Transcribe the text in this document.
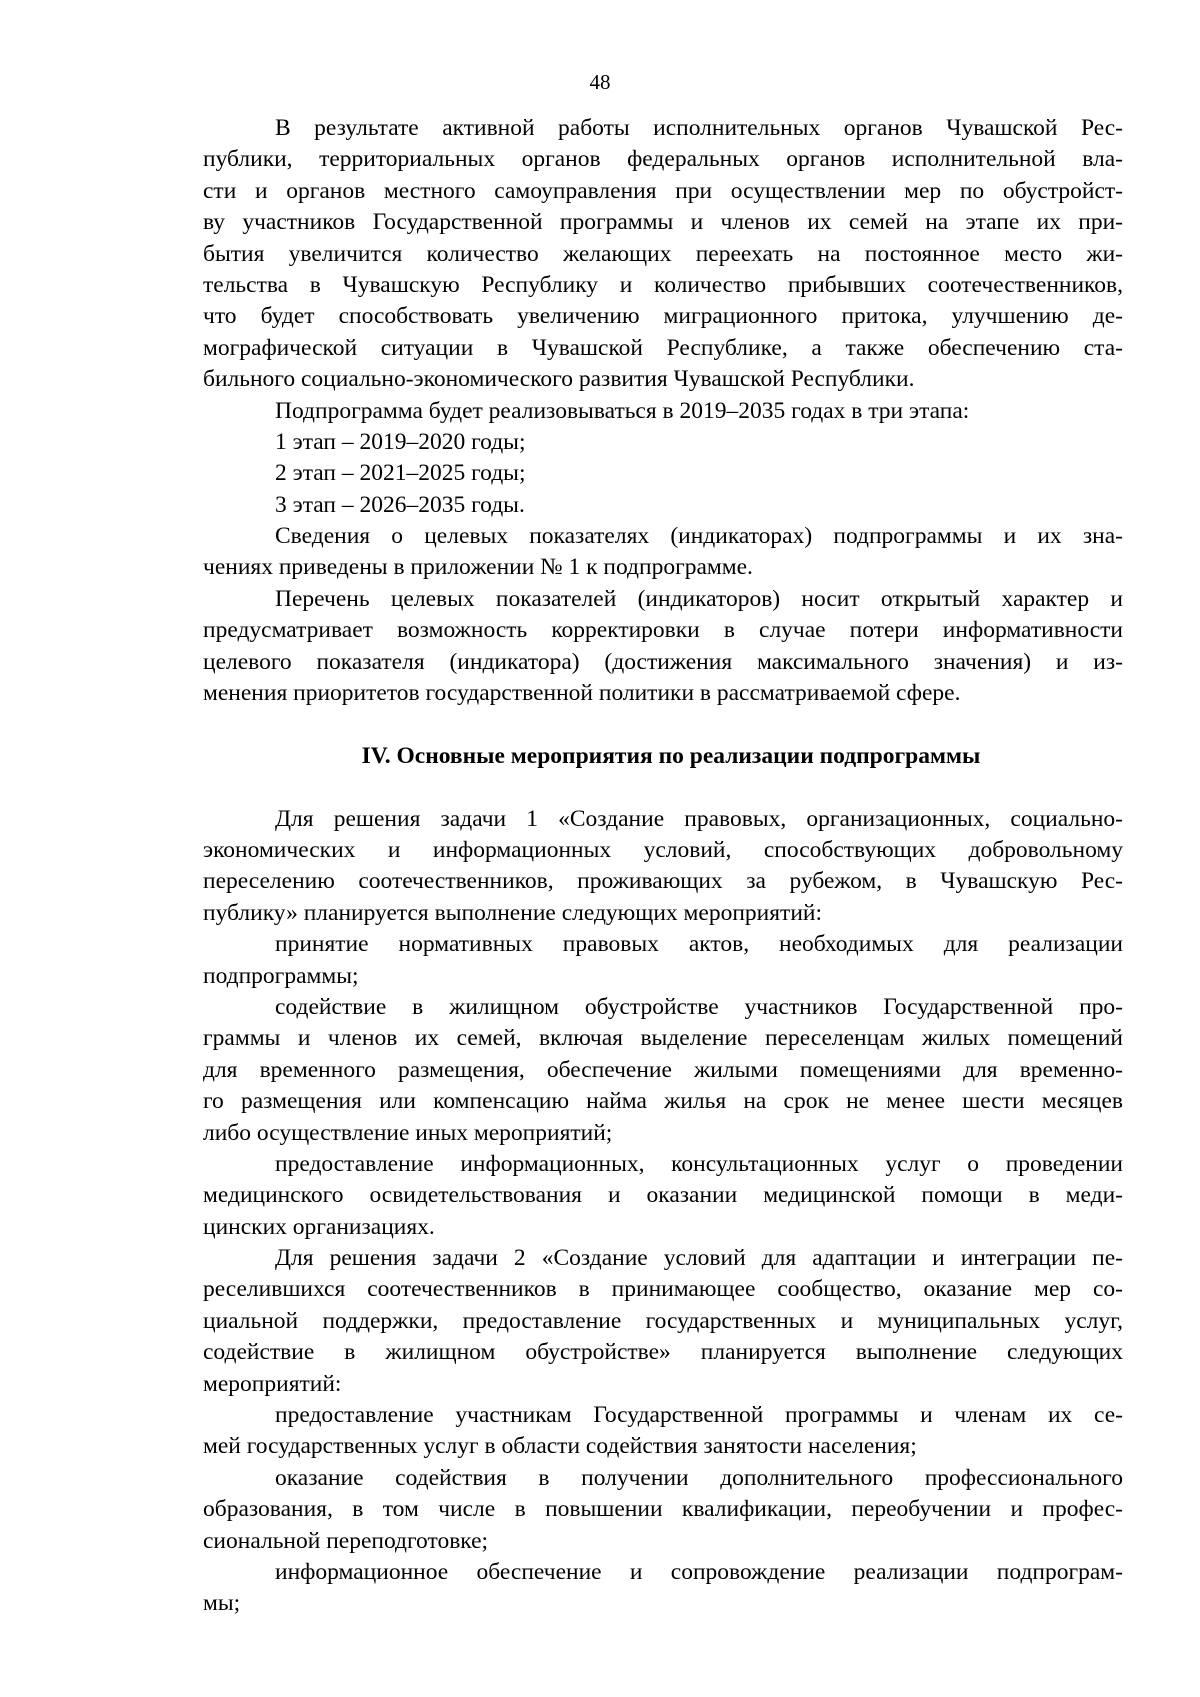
48
В результате активной работы исполнительных органов Чувашской Рес-
публики, территориальных органов федеральных органов исполнительной вла-
сти и органов местного самоуправления при осуществлении мер по обустройст-
ву участников Государственной программы и членов их семей на этапе их при-
бытия увеличится количество желающих переехать на постоянное место жи-
тельства в Чувашскую Республику и количество прибывших соотечественников,
что будет способствовать увеличению миграционного притока, улучшению де-
мографической ситуации в Чувашской Республике, а также обеспечению ста-
бильного социально-экономического развития Чувашской Республики.
Подпрограмма будет реализовываться в 2019–2035 годах в три этапа:
1 этап – 2019–2020 годы;
2 этап – 2021–2025 годы;
3 этап – 2026–2035 годы.
Сведения о целевых показателях (индикаторах) подпрограммы и их зна-
чениях приведены в приложении № 1 к подпрограмме.
Перечень целевых показателей (индикаторов) носит открытый характер и
предусматривает возможность корректировки в случае потери информативности
целевого показателя (индикатора) (достижения максимального значения) и из-
менения приоритетов государственной политики в рассматриваемой сфере.
IV. Основные мероприятия по реализации подпрограммы
Для решения задачи 1 «Создание правовых, организационных, социально-
экономических и информационных условий, способствующих добровольному
переселению соотечественников, проживающих за рубежом, в Чувашскую Рес-
публику» планируется выполнение следующих мероприятий:
принятие нормативных правовых актов, необходимых для реализации
подпрограммы;
содействие в жилищном обустройстве участников Государственной про-
граммы и членов их семей, включая выделение переселенцам жилых помещений
для временного размещения, обеспечение жилыми помещениями для временно-
го размещения или компенсацию найма жилья на срок не менее шести месяцев
либо осуществление иных мероприятий;
предоставление информационных, консультационных услуг о проведении
медицинского освидетельствования и оказании медицинской помощи в меди-
цинских организациях.
Для решения задачи 2 «Создание условий для адаптации и интеграции пе-
реселившихся соотечественников в принимающее сообщество, оказание мер со-
циальной поддержки, предоставление государственных и муниципальных услуг,
содействие в жилищном обустройстве» планируется выполнение следующих
мероприятий:
предоставление участникам Государственной программы и членам их се-
мей государственных услуг в области содействия занятости населения;
оказание содействия в получении дополнительного профессионального
образования, в том числе в повышении квалификации, переобучении и профес-
сиональной переподготовке;
информационное обеспечение и сопровождение реализации подпрограм-
мы;
